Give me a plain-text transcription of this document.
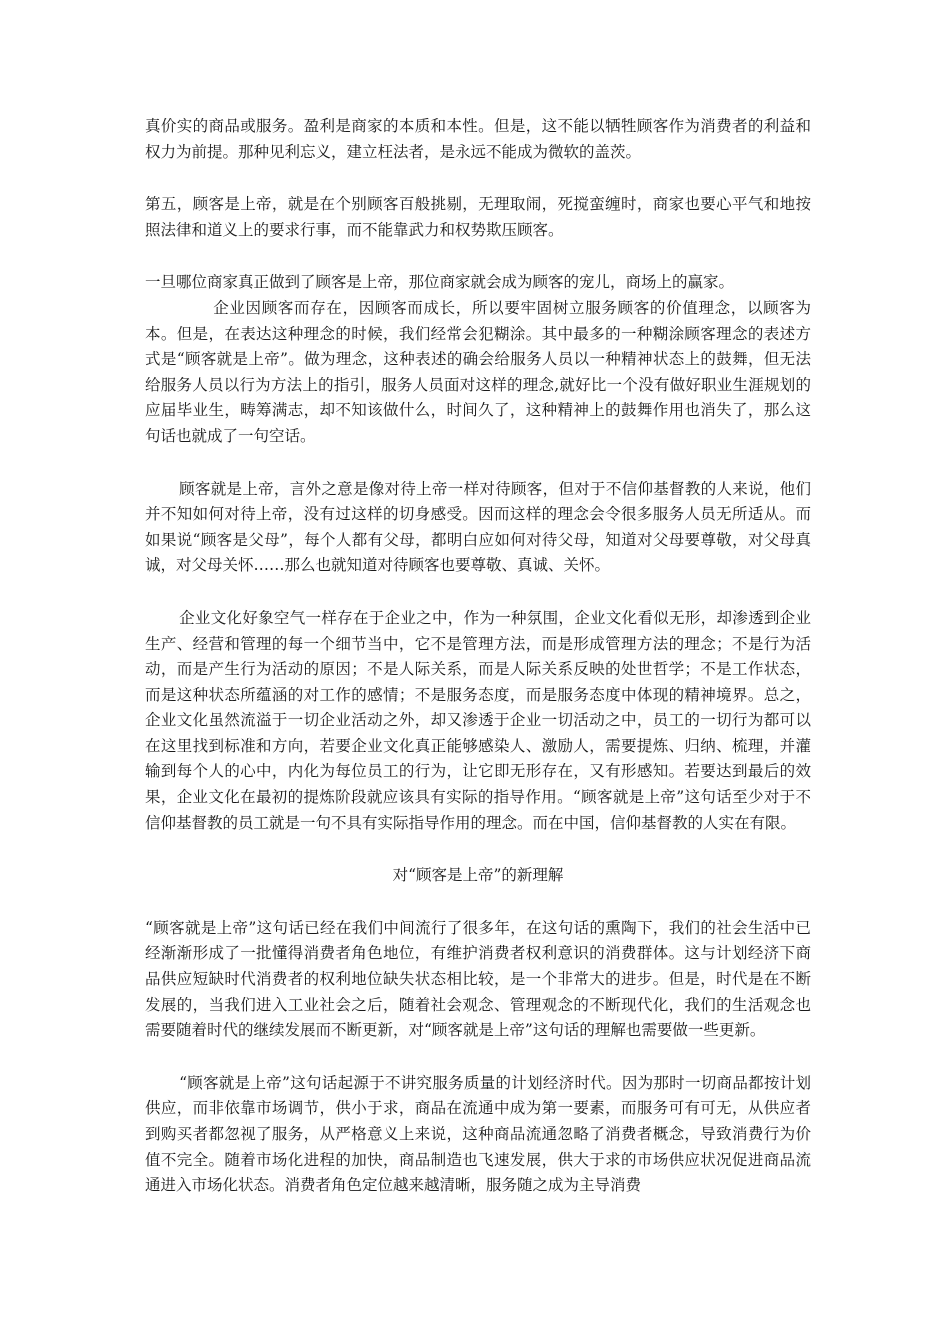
真价实的商品或服务。盈利是商家的本质和本性。但是，这不能以牺牲顾客作为消费者的利益和权力为前提。那种见利忘义，建立枉法者，是永远不能成为微软的盖茨。

第五，顾客是上帝，就是在个别顾客百般挑剔，无理取闹，死搅蛮缠时，商家也要心平气和地按照法律和道义上的要求行事，而不能靠武力和权势欺压顾客。

一旦哪位商家真正做到了顾客是上帝，那位商家就会成为顾客的宠儿，商场上的赢家。

企业因顾客而存在，因顾客而成长，所以要牢固树立服务顾客的价值理念，以顾客为本。但是，在表达这种理念的时候，我们经常会犯糊涂。其中最多的一种糊涂顾客理念的表述方式是“顾客就是上帝”。做为理念，这种表述的确会给服务人员以一种精神状态上的鼓舞，但无法给服务人员以行为方法上的指引，服务人员面对这样的理念,就好比一个没有做好职业生涯规划的应届毕业生，畴筹满志，却不知该做什么，时间久了，这种精神上的鼓舞作用也消失了，那么这句话也就成了一句空话。

顾客就是上帝，言外之意是像对待上帝一样对待顾客，但对于不信仰基督教的人来说，他们并不知如何对待上帝，没有过这样的切身感受。因而这样的理念会令很多服务人员无所适从。而如果说“顾客是父母”，每个人都有父母，都明白应如何对待父母，知道对父母要尊敬，对父母真诚，对父母关怀……那么也就知道对待顾客也要尊敬、真诚、关怀。

企业文化好象空气一样存在于企业之中，作为一种氛围，企业文化看似无形，却渗透到企业生产、经营和管理的每一个细节当中，它不是管理方法，而是形成管理方法的理念；不是行为活动，而是产生行为活动的原因；不是人际关系，而是人际关系反映的处世哲学；不是工作状态，而是这种状态所蕴涵的对工作的感情；不是服务态度，而是服务态度中体现的精神境界。总之，企业文化虽然流溢于一切企业活动之外，却又渗透于企业一切活动之中，员工的一切行为都可以在这里找到标准和方向，若要企业文化真正能够感染人、激励人，需要提炼、归纳、梳理，并灌输到每个人的心中，内化为每位员工的行为，让它即无形存在，又有形感知。若要达到最后的效果，企业文化在最初的提炼阶段就应该具有实际的指导作用。“顾客就是上帝”这句话至少对于不信仰基督教的员工就是一句不具有实际指导作用的理念。而在中国，信仰基督教的人实在有限。

对“顾客是上帝”的新理解

“顾客就是上帝”这句话已经在我们中间流行了很多年，在这句话的熏陶下，我们的社会生活中已经渐渐形成了一批懂得消费者角色地位，有维护消费者权利意识的消费群体。这与计划经济下商品供应短缺时代消费者的权利地位缺失状态相比较，是一个非常大的进步。但是，时代是在不断发展的，当我们进入工业社会之后，随着社会观念、管理观念的不断现代化，我们的生活观念也需要随着时代的继续发展而不断更新，对“顾客就是上帝”这句话的理解也需要做一些更新。

“顾客就是上帝”这句话起源于不讲究服务质量的计划经济时代。因为那时一切商品都按计划供应，而非依靠市场调节，供小于求，商品在流通中成为第一要素，而服务可有可无，从供应者到购买者都忽视了服务，从严格意义上来说，这种商品流通忽略了消费者概念，导致消费行为价值不完全。随着市场化进程的加快，商品制造也飞速发展，供大于求的市场供应状况促进商品流通进入市场化状态。消费者角色定位越来越清晰，服务随之成为主导消费
